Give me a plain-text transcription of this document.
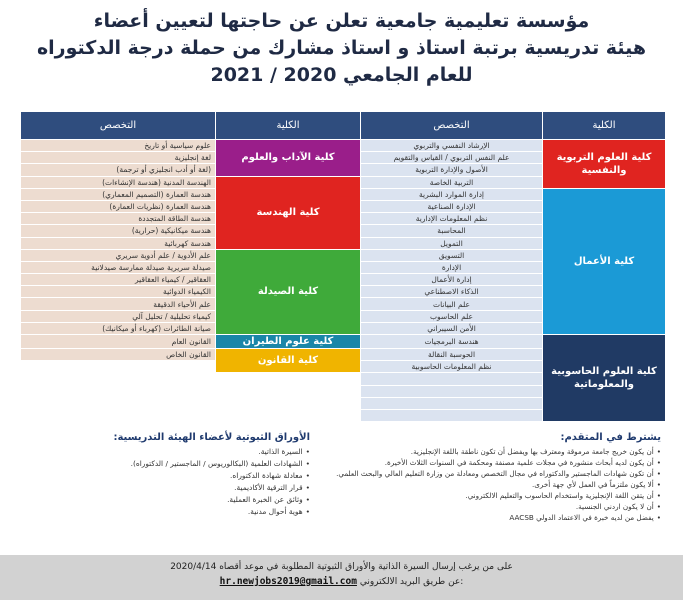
مؤسسة تعليمية جامعية تعلن عن حاجتها لتعيين أعضاء
هيئة تدريسية برتبة استاذ و استاذ مشارك من حملة درجة الدكتوراه
للعام الجامعي 2020 / 2021
الكلية	التخصص	الكلية	التخصص
كلية العلوم التربوية والنفسية	الإرشاد النفسي والتربوي	كلية الآداب والعلوم	علوم سياسية أو تاريخ
	علم النفس التربوي / القياس والتقويم		لغة إنجليزية
	الأصول والإدارة التربوية		(لغة أو أدب انجليزي أو ترجمة)
	التربية الخاصة	كلية الهندسة	الهندسة المدنية (هندسة الإنشاءات)
كلية الأعمال	إدارة الموارد البشرية		هندسة العمارة (التصميم المعماري)
	الإدارة الصناعية		هندسة العمارة (نظريات العمارة)
	نظم المعلومات الإدارية		هندسة الطاقة المتجددة
	المحاسبة		هندسة ميكانيكية (حرارية)
	التمويل		هندسة كهربائية
	التسويق	كلية الصيدلة	علم الأدوية / علم أدوية سريري
	الإدارة		صيدلة سريرية صيدلة ممارسة صيدلانية
	إدارة الأعمال		العقاقير / كيمياء العقاقير
	الذكاء الاصطناعي		الكيمياء الدوائية
	علم البيانات		علم الأحياء الدقيقة
	علم الحاسوب		كيمياء تحليلية / تحليل آلي
	الأمن السيبراني		صيانة الطائرات (كهرباء أو ميكانيك)
كلية العلوم الحاسوبية والمعلوماتية	هندسة البرمجيات	كلية علوم الطيران	القانون العام
	الحوسبة النقالة	كلية القانون	القانون الخاص
	نظم المعلومات الحاسوبية		

يشترط في المتقدم:
• أن يكون خريج جامعة مرموقة ومعترف بها ويفضل أن تكون ناطقة باللغة الإنجليزية.
• أن يكون لديه أبحاث منشورة في مجلات علمية مصنفة ومحكمة في السنوات الثلاث الأخيرة.
• أن تكون شهادات الماجستير والدكتوراه في مجال التخصص ومعادلة من وزارة التعليم العالي والبحث العلمي.
• ألا يكون ملتزماً في العمل لأي جهة أخرى.
• أن يتقن اللغة الإنجليزية واستخدام الحاسوب والتعليم الالكتروني.
• أن لا يكون اردني الجنسية.
• يفضل من لديه خبرة في الاعتماد الدولي AACSB
الأوراق الثبوتية لأعضاء الهيئة التدريسية:
• السيرة الذاتية.
• الشهادات العلمية (البكالوريوس / الماجستير / الدكتوراه).
• معادلة شهادة الدكتوراه.
• قرار الترقية الأكاديمية.
• وثائق عن الخبرة العملية.
• هوية أحوال مدنية.
على من يرغب إرسال السيرة الذاتية والأوراق الثبوتية المطلوبة في موعد أقصاه 2020/4/14
hr.newjobs2019@gmail.com عن طريق البريد الالكتروني:
